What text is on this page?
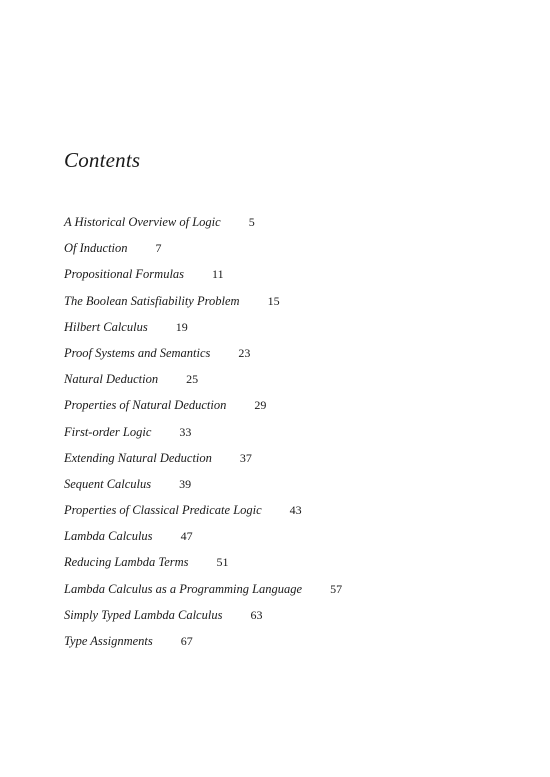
Contents
A Historical Overview of Logic 5
Of Induction 7
Propositional Formulas 11
The Boolean Satisfiability Problem 15
Hilbert Calculus 19
Proof Systems and Semantics 23
Natural Deduction 25
Properties of Natural Deduction 29
First-order Logic 33
Extending Natural Deduction 37
Sequent Calculus 39
Properties of Classical Predicate Logic 43
Lambda Calculus 47
Reducing Lambda Terms 51
Lambda Calculus as a Programming Language 57
Simply Typed Lambda Calculus 63
Type Assignments 67
